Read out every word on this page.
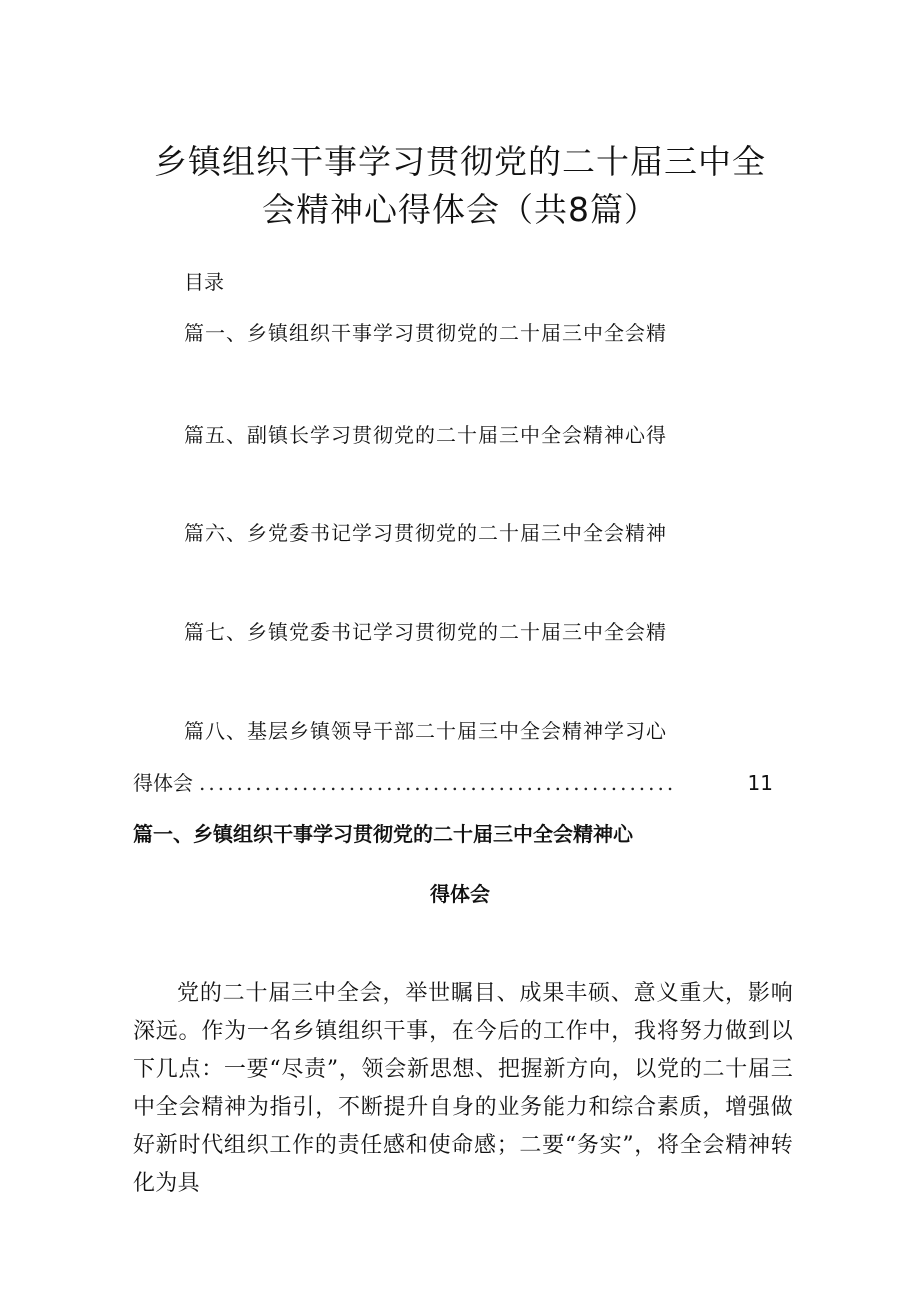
乡镇组织干事学习贯彻党的二十届三中全
会精神心得体会（共8篇）
目录
篇一、乡镇组织干事学习贯彻党的二十届三中全会精
篇五、副镇长学习贯彻党的二十届三中全会精神心得
篇六、乡党委书记学习贯彻党的二十届三中全会精神
篇七、乡镇党委书记学习贯彻党的二十届三中全会精
篇八、基层乡镇领导干部二十届三中全会精神学习心
得体会 ...................................................	11
篇一、乡镇组织干事学习贯彻党的二十届三中全会精神心
得体会
党的二十届三中全会，举世瞩目、成果丰硕、意义重大，影响深远。作为一名乡镇组织干事，在今后的工作中，我将努力做到以下几点：一要“尽责”，领会新思想、把握新方向，以党的二十届三中全会精神为指引，不断提升自身的业务能力和综合素质，增强做好新时代组织工作的责任感和使命感；二要“务实”，将全会精神转化为具
